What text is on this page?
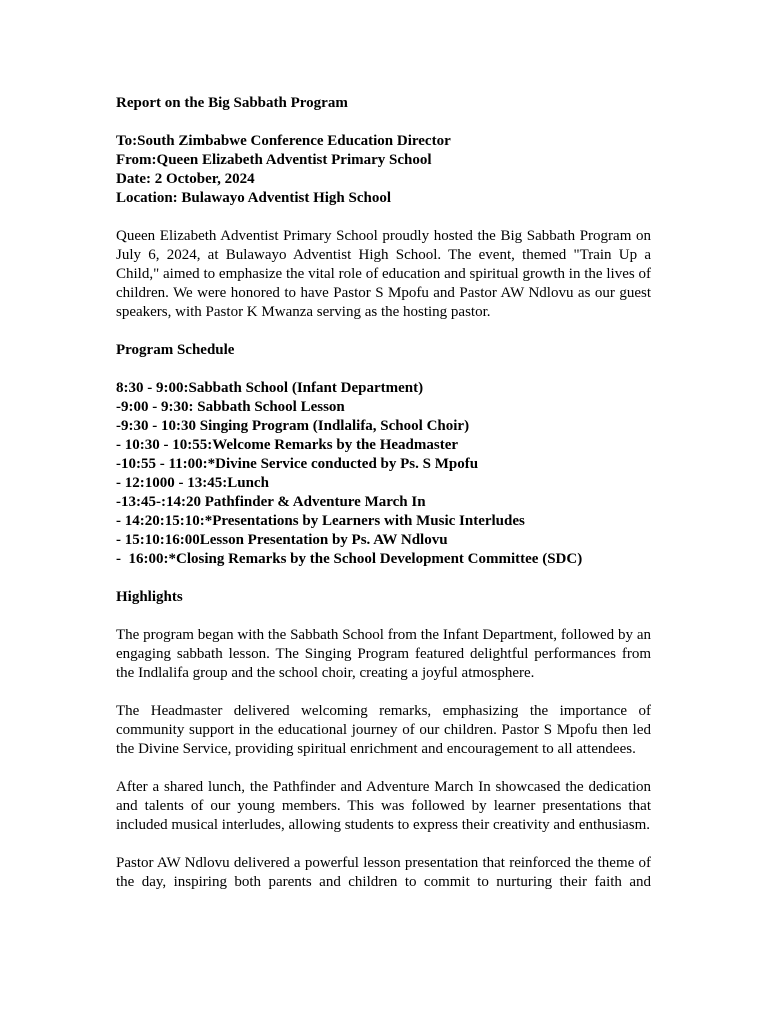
Report on the Big Sabbath Program
To:South Zimbabwe Conference Education Director
From:Queen Elizabeth Adventist Primary School
Date: 2 October, 2024
Location: Bulawayo Adventist High School

Queen Elizabeth Adventist Primary School proudly hosted the Big Sabbath Program on July 6, 2024, at Bulawayo Adventist High School. The event, themed "Train Up a Child," aimed to emphasize the vital role of education and spiritual growth in the lives of children. We were honored to have Pastor S Mpofu and Pastor AW Ndlovu as our guest speakers, with Pastor K Mwanza serving as the hosting pastor.

Program Schedule
8:30 - 9:00:Sabbath School (Infant Department)
-9:00 - 9:30: Sabbath School Lesson
-9:30 - 10:30 Singing Program (Indlalifa, School Choir)
- 10:30 - 10:55:Welcome Remarks by the Headmaster
-10:55 - 11:00:*Divine Service conducted by Ps. S Mpofu
- 12:1000 - 13:45:Lunch
-13:45-:14:20 Pathfinder & Adventure March In
- 14:20:15:10:*Presentations by Learners with Music Interludes
- 15:10:16:00Lesson Presentation by Ps. AW Ndlovu
-  16:00:*Closing Remarks by the School Development Committee (SDC)
Highlights

The program began with the Sabbath School from the Infant Department, followed by an engaging sabbath lesson. The Singing Program featured delightful performances from the Indlalifa group and the school choir, creating a joyful atmosphere.

The Headmaster delivered welcoming remarks, emphasizing the importance of community support in the educational journey of our children. Pastor S Mpofu then led the Divine Service, providing spiritual enrichment and encouragement to all attendees.

After a shared lunch, the Pathfinder and Adventure March In showcased the dedication and talents of our young members. This was followed by learner presentations that included musical interludes, allowing students to express their creativity and enthusiasm.

Pastor AW Ndlovu delivered a powerful lesson presentation that reinforced the theme of the day, inspiring both parents and children to commit to nurturing their faith and
